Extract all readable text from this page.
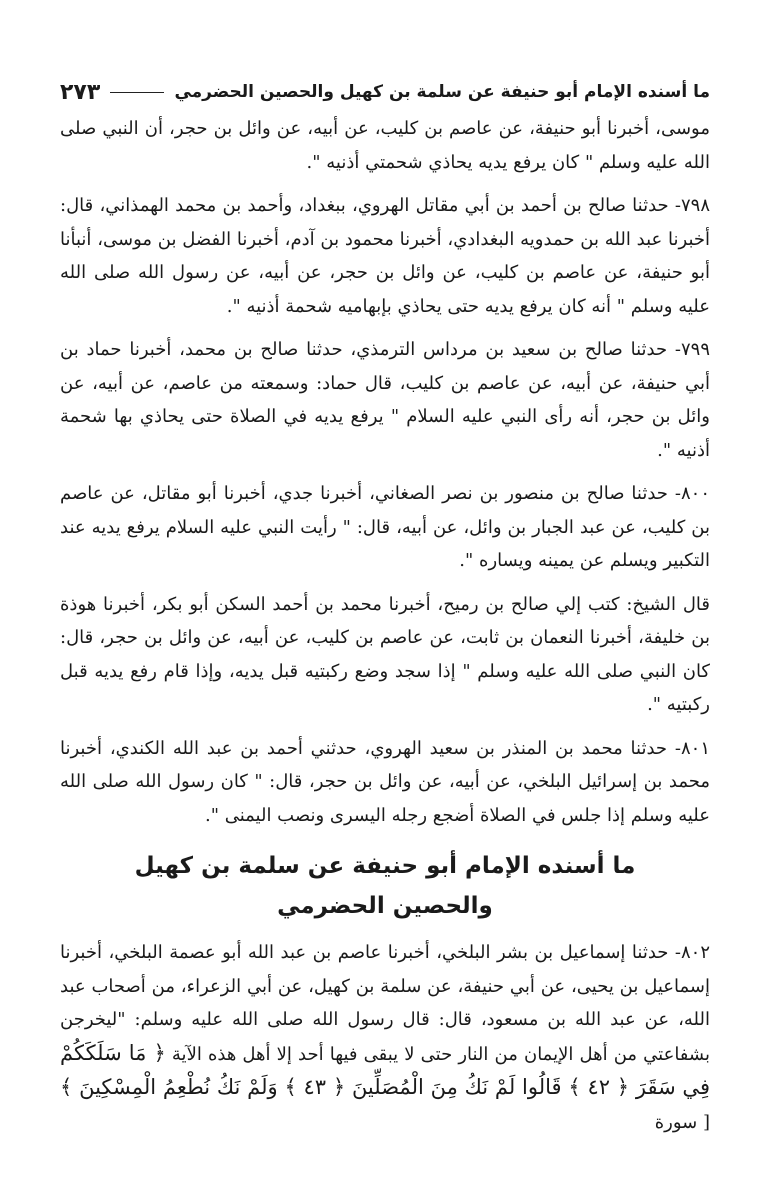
ما أسنده الإمام أبو حنيفة عن سلمة بن كهيل والحصين الحضرمي
٢٧٣

موسى، أخبرنا أبو حنيفة، عن عاصم بن كليب، عن أبيه، عن وائل بن حجر، أن النبي صلى الله عليه وسلم " كان يرفع يديه يحاذي شحمتي أذنيه ".

٧٩٨- حدثنا صالح بن أحمد بن أبي مقاتل الهروي، ببغداد، وأحمد بن محمد الهمذاني، قال: أخبرنا عبد الله بن حمدويه البغدادي، أخبرنا محمود بن آدم، أخبرنا الفضل بن موسى، أنبأنا أبو حنيفة، عن عاصم بن كليب، عن وائل بن حجر، عن أبيه، عن رسول الله صلى الله عليه وسلم " أنه كان يرفع يديه حتى يحاذي بإبهاميه شحمة أذنيه ".

٧٩٩- حدثنا صالح بن سعيد بن مرداس الترمذي، حدثنا صالح بن محمد، أخبرنا حماد بن أبي حنيفة، عن أبيه، عن عاصم بن كليب، قال حماد: وسمعته من عاصم، عن أبيه، عن وائل بن حجر، أنه رأى النبي عليه السلام " يرفع يديه في الصلاة حتى يحاذي بها شحمة أذنيه ".

٨٠٠- حدثنا صالح بن منصور بن نصر الصغاني، أخبرنا جدي، أخبرنا أبو مقاتل، عن عاصم بن كليب، عن عبد الجبار بن وائل، عن أبيه، قال: " رأيت النبي عليه السلام يرفع يديه عند التكبير ويسلم عن يمينه ويساره ".

قال الشيخ: كتب إلي صالح بن رميح، أخبرنا محمد بن أحمد السكن أبو بكر، أخبرنا هوذة بن خليفة، أخبرنا النعمان بن ثابت، عن عاصم بن كليب، عن أبيه، عن وائل بن حجر، قال: كان النبي صلى الله عليه وسلم " إذا سجد وضع ركبتيه قبل يديه، وإذا قام رفع يديه قبل ركبتيه ".

٨٠١- حدثنا محمد بن المنذر بن سعيد الهروي، حدثني أحمد بن عبد الله الكندي، أخبرنا محمد بن إسرائيل البلخي، عن أبيه، عن وائل بن حجر، قال: " كان رسول الله صلى الله عليه وسلم إذا جلس في الصلاة أضجع رجله اليسرى ونصب اليمنى ".

ما أسنده الإمام أبو حنيفة عن سلمة بن كهيل والحصين الحضرمي

٨٠٢- حدثنا إسماعيل بن بشر البلخي، أخبرنا عاصم بن عبد الله أبو عصمة البلخي، أخبرنا إسماعيل بن يحيى، عن أبي حنيفة، عن سلمة بن كهيل، عن أبي الزعراء، من أصحاب عبد الله، عن عبد الله بن مسعود، قال: قال رسول الله صلى الله عليه وسلم: "ليخرجن بشفاعتي من أهل الإيمان من النار حتى لا يبقى فيها أحد إلا أهل هذه الآية ﴿ مَا سَلَكَكُمْ فِي سَقَرَ ﴿ ٤٢ ﴾ قَالُوا لَمْ نَكُ مِنَ الْمُصَلِّينَ ﴿ ٤٣ ﴾ وَلَمْ نَكُ نُطْعِمُ الْمِسْكِينَ ﴾ [ سورة
